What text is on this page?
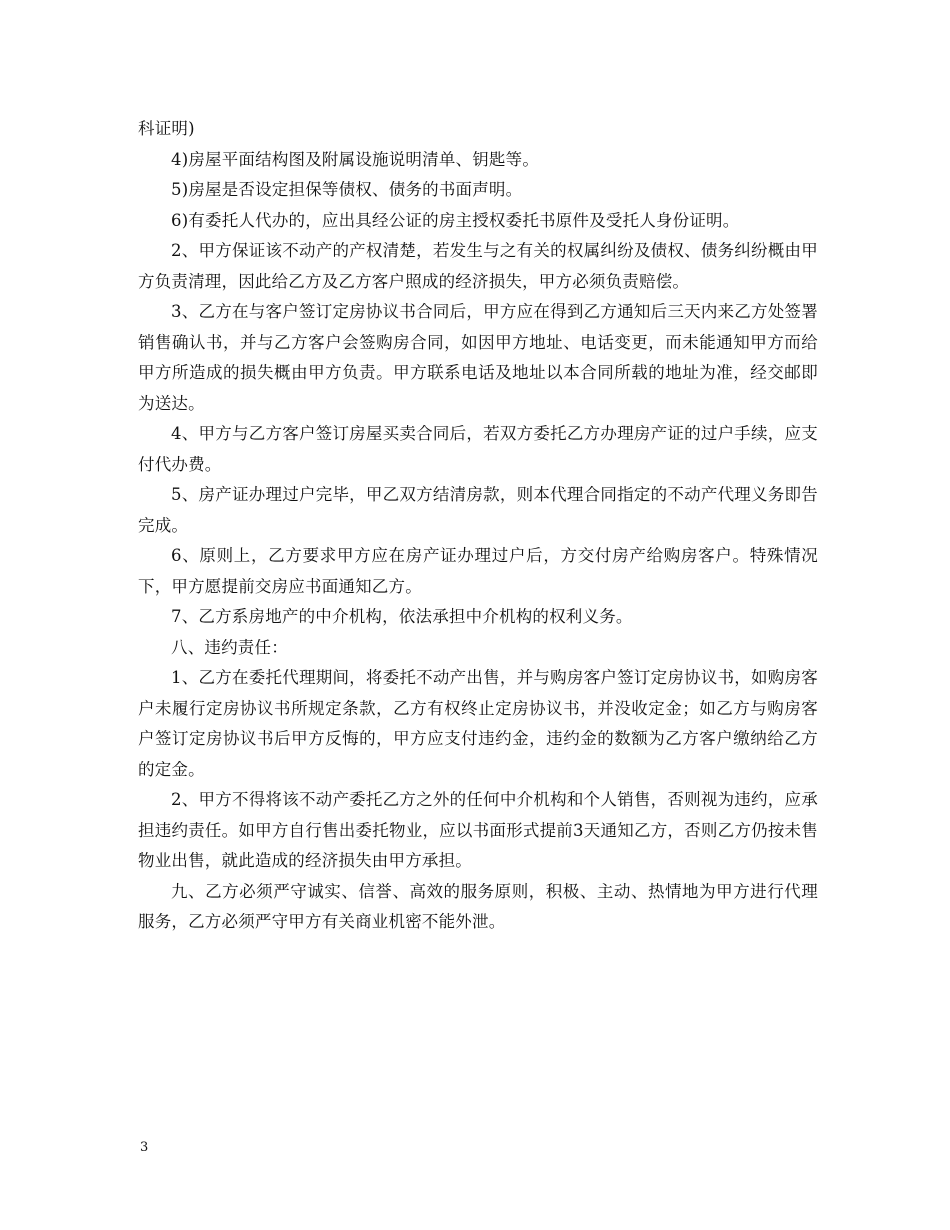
科证明)

4)房屋平面结构图及附属设施说明清单、钥匙等。

5)房屋是否设定担保等债权、债务的书面声明。

6)有委托人代办的，应出具经公证的房主授权委托书原件及受托人身份证明。

2、甲方保证该不动产的产权清楚，若发生与之有关的权属纠纷及债权、债务纠纷概由甲方负责清理，因此给乙方及乙方客户照成的经济损失，甲方必须负责赔偿。

3、乙方在与客户签订定房协议书合同后，甲方应在得到乙方通知后三天内来乙方处签署销售确认书，并与乙方客户会签购房合同，如因甲方地址、电话变更，而未能通知甲方而给甲方所造成的损失概由甲方负责。甲方联系电话及地址以本合同所载的地址为准，经交邮即为送达。

4、甲方与乙方客户签订房屋买卖合同后，若双方委托乙方办理房产证的过户手续，应支付代办费。

5、房产证办理过户完毕，甲乙双方结清房款，则本代理合同指定的不动产代理义务即告完成。

6、原则上，乙方要求甲方应在房产证办理过户后，方交付房产给购房客户。特殊情况下，甲方愿提前交房应书面通知乙方。

7、乙方系房地产的中介机构，依法承担中介机构的权利义务。

八、违约责任：

1、乙方在委托代理期间，将委托不动产出售，并与购房客户签订定房协议书，如购房客户未履行定房协议书所规定条款，乙方有权终止定房协议书，并没收定金；如乙方与购房客户签订定房协议书后甲方反悔的，甲方应支付违约金，违约金的数额为乙方客户缴纳给乙方的定金。

2、甲方不得将该不动产委托乙方之外的任何中介机构和个人销售，否则视为违约，应承担违约责任。如甲方自行售出委托物业，应以书面形式提前3天通知乙方，否则乙方仍按未售物业出售，就此造成的经济损失由甲方承担。

九、乙方必须严守诚实、信誉、高效的服务原则，积极、主动、热情地为甲方进行代理服务，乙方必须严守甲方有关商业机密不能外泄。

3
